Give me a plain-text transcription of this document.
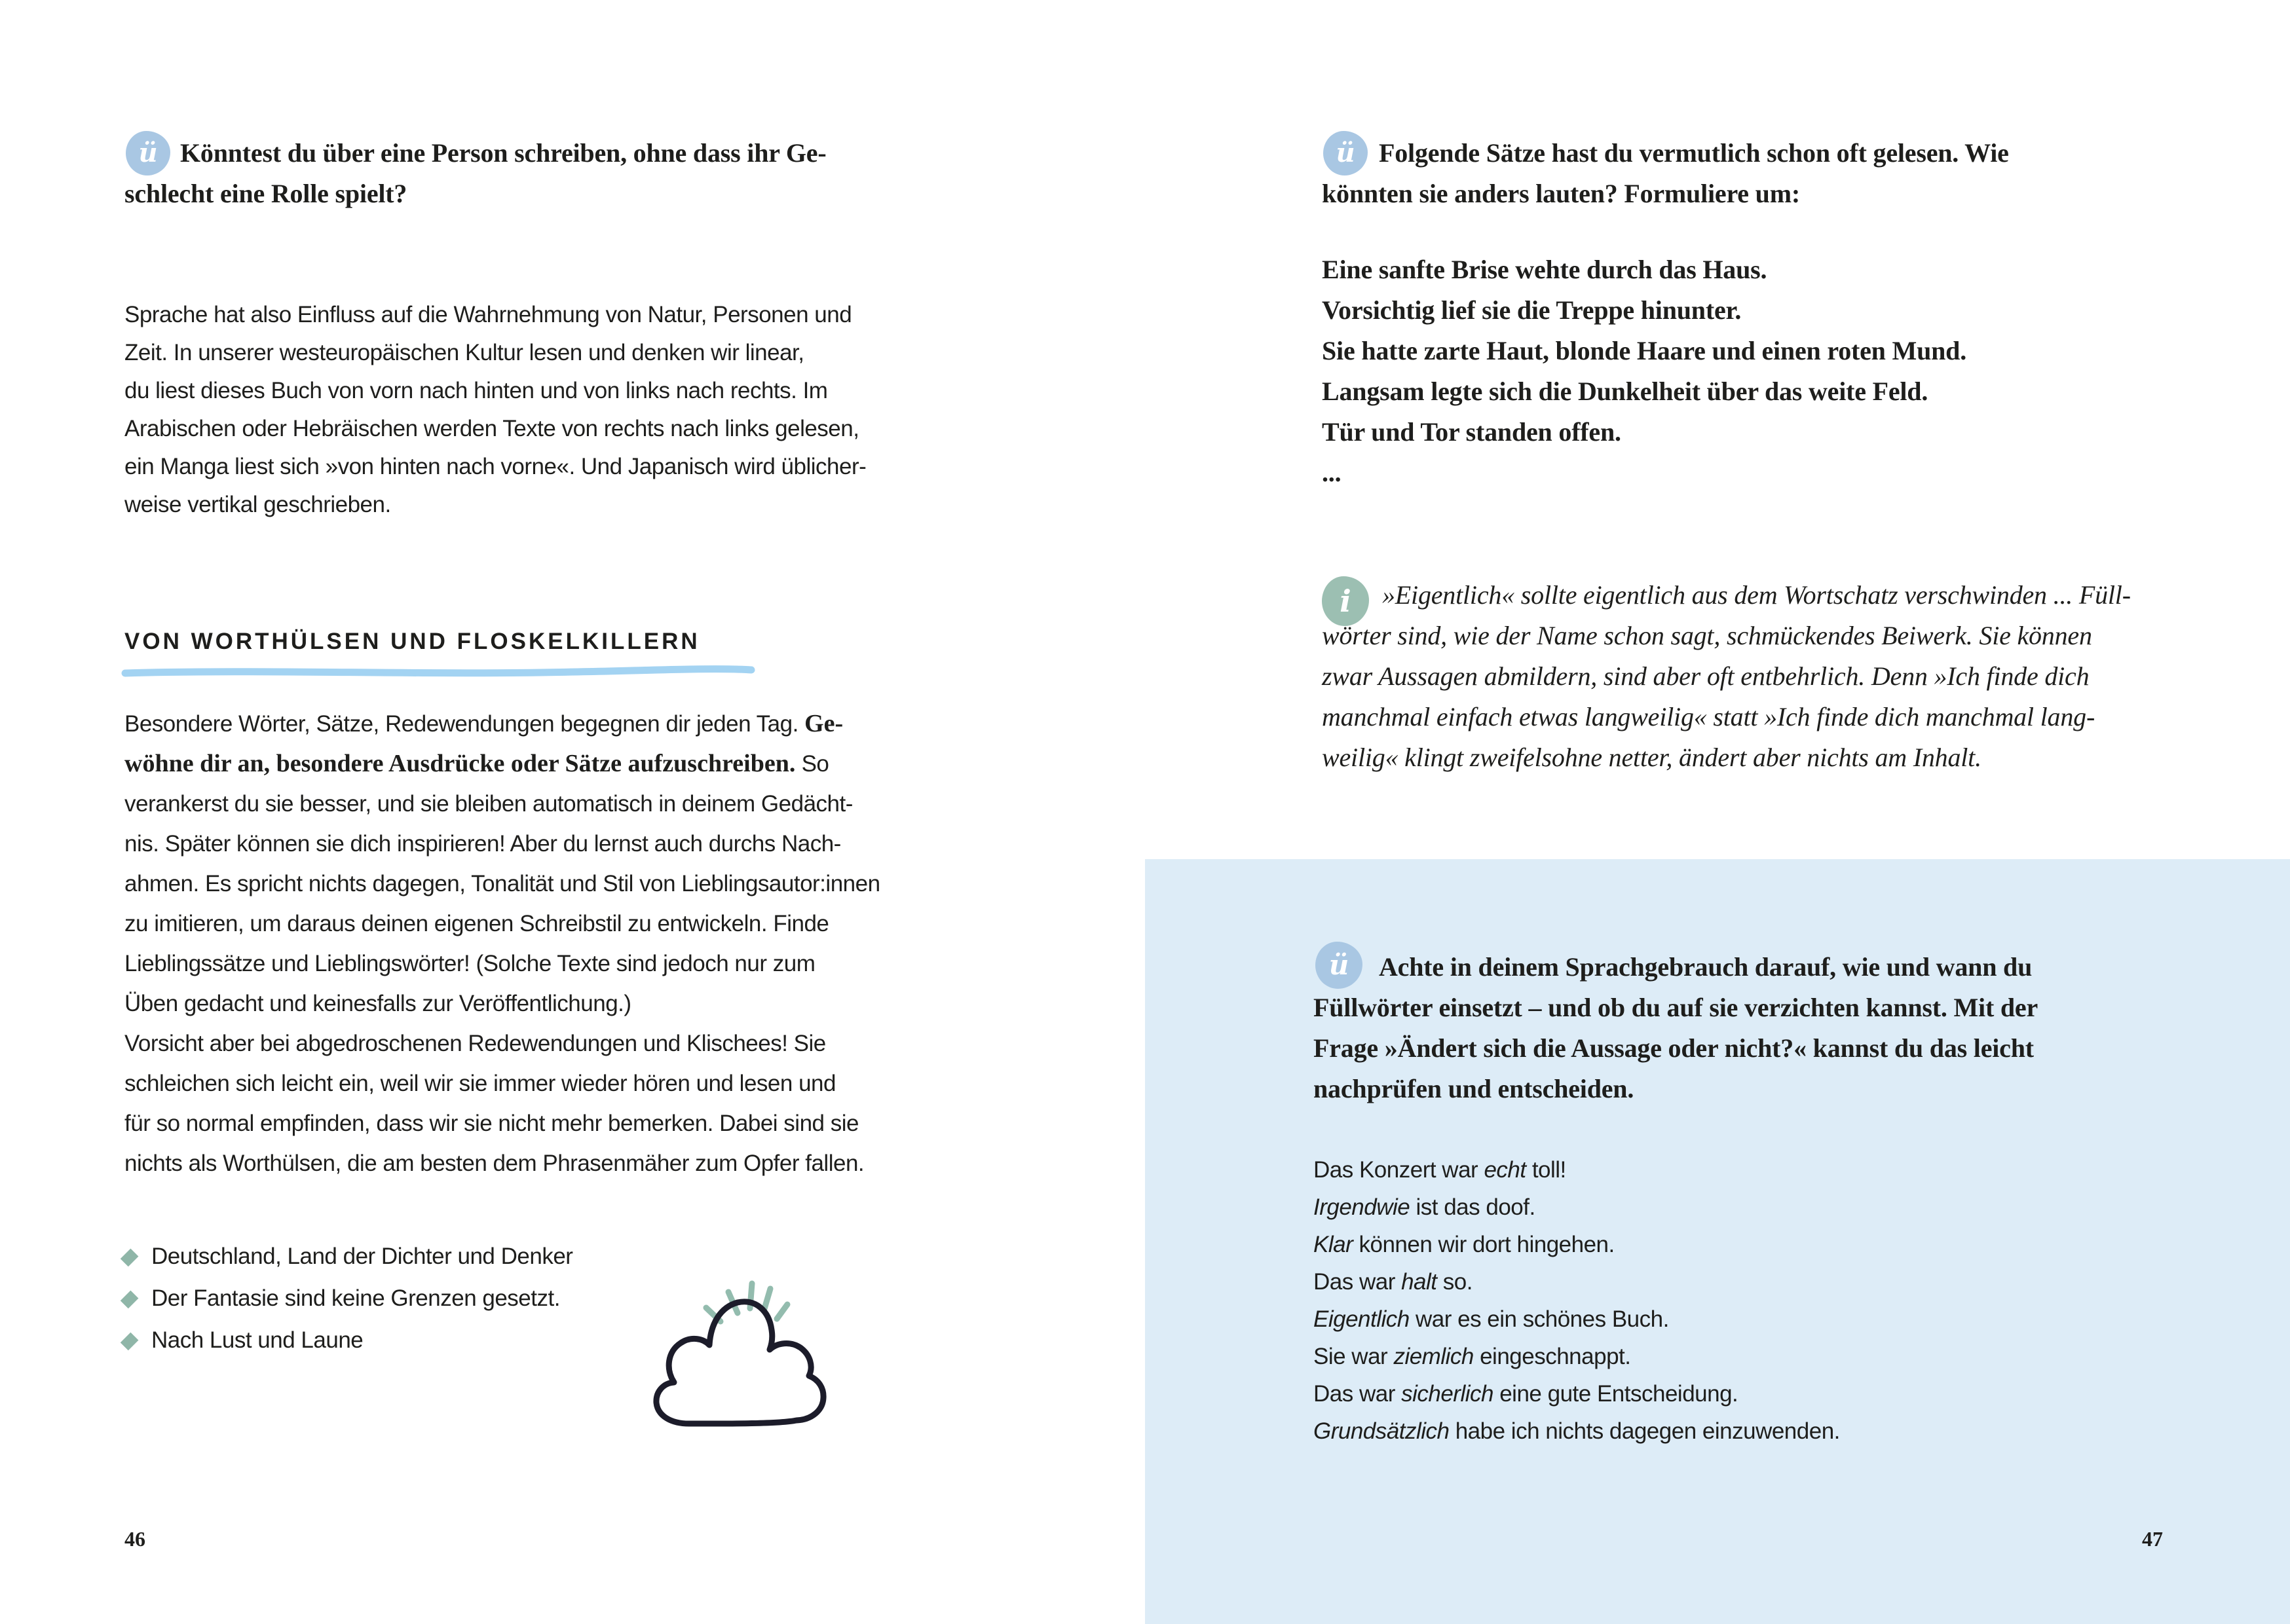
ü Könntest du über eine Person schreiben, ohne dass ihr Ge-
schlecht eine Rolle spielt?
Sprache hat also Einfluss auf die Wahrnehmung von Natur, Personen und
Zeit. In unserer westeuropäischen Kultur lesen und denken wir linear,
du liest dieses Buch von vorn nach hinten und von links nach rechts. Im
Arabischen oder Hebräischen werden Texte von rechts nach links gelesen,
ein Manga liest sich »von hinten nach vorne«. Und Japanisch wird üblicher-
weise vertikal geschrieben.
VON WORTHÜLSEN UND FLOSKELKILLERN
Besondere Wörter, Sätze, Redewendungen begegnen dir jeden Tag. Ge-
wöhne dir an, besondere Ausdrücke oder Sätze aufzuschreiben. So
verankerst du sie besser, und sie bleiben automatisch in deinem Gedächt-
nis. Später können sie dich inspirieren! Aber du lernst auch durchs Nach-
ahmen. Es spricht nichts dagegen, Tonalität und Stil von Lieblingsautor:innen
zu imitieren, um daraus deinen eigenen Schreibstil zu entwickeln. Finde
Lieblingssätze und Lieblingswörter! (Solche Texte sind jedoch nur zum
Üben gedacht und keinesfalls zur Veröffentlichung.)
Vorsicht aber bei abgedroschenen Redewendungen und Klischees! Sie
schleichen sich leicht ein, weil wir sie immer wieder hören und lesen und
für so normal empfinden, dass wir sie nicht mehr bemerken. Dabei sind sie
nichts als Worthülsen, die am besten dem Phrasenmäher zum Opfer fallen.
Deutschland, Land der Dichter und Denker
Der Fantasie sind keine Grenzen gesetzt.
Nach Lust und Laune
46
ü Folgende Sätze hast du vermutlich schon oft gelesen. Wie
könnten sie anders lauten? Formuliere um:
Eine sanfte Brise wehte durch das Haus.
Vorsichtig lief sie die Treppe hinunter.
Sie hatte zarte Haut, blonde Haare und einen roten Mund.
Langsam legte sich die Dunkelheit über das weite Feld.
Tür und Tor standen offen.
...
i	»Eigentlich« sollte eigentlich aus dem Wortschatz verschwinden ... Füll-
wörter sind, wie der Name schon sagt, schmückendes Beiwerk. Sie können
zwar Aussagen abmildern, sind aber oft entbehrlich. Denn »Ich finde dich
manchmal einfach etwas langweilig« statt »Ich finde dich manchmal lang-
weilig« klingt zweifelsohne netter, ändert aber nichts am Inhalt.
ü	Achte in deinem Sprachgebrauch darauf, wie und wann du
Füllwörter einsetzt – und ob du auf sie verzichten kannst. Mit der
Frage »Ändert sich die Aussage oder nicht?« kannst du das leicht
nachprüfen und entscheiden.
Das Konzert war echt toll!
Irgendwie ist das doof.
Klar können wir dort hingehen.
Das war halt so.
Eigentlich war es ein schönes Buch.
Sie war ziemlich eingeschnappt.
Das war sicherlich eine gute Entscheidung.
Grundsätzlich habe ich nichts dagegen einzuwenden.
47
